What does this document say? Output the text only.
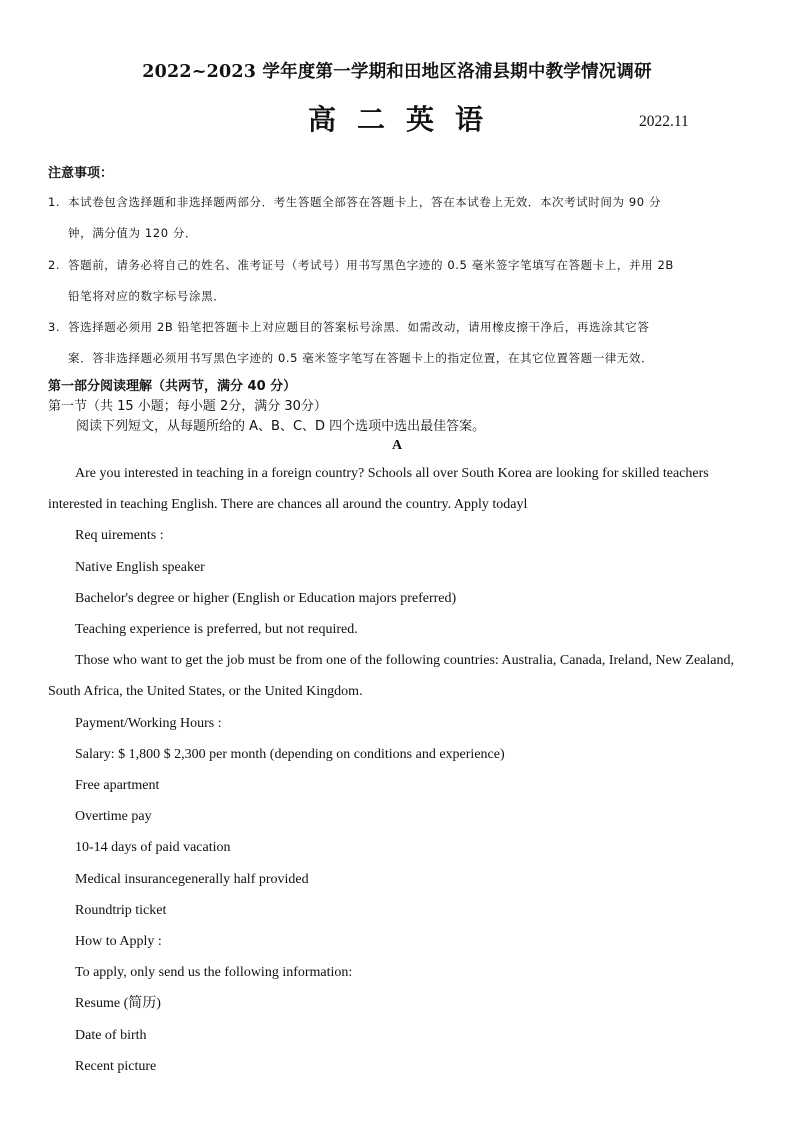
2022~2023 学年度第一学期和田地区洛浦县期中教学情况调研
高二英语	2022.11
注意事项：
1. 本试卷包含选择题和非选择题两部分．考生答题全部答在答题卡上，答在本试卷上无效．本次考试时间为 90 分
钟，满分值为 120 分．
2. 答题前，请务必将自己的姓名、准考证号（考试号）用书写黑色字迹的 0.5 毫米签字笔填写在答题卡上，并用 2B
铅笔将对应的数字标号涂黑．
3. 答选择题必须用 2B 铅笔把答题卡上对应题目的答案标号涂黑．如需改动，请用橡皮擦干净后，再选涂其它答
案．答非选择题必须用书写黑色字迹的 0.5 毫米签字笔写在答题卡上的指定位置，在其它位置答题一律无效．
第一部分阅读理解（共两节，满分 40 分）
第一节（共 15 小题；每小题 2分，满分 30分）
阅读下列短文，从每题所给的 A、B、C、D 四个选项中选出最佳答案。
A

Are you interested in teaching in a foreign country? Schools all over South Korea are looking for skilled teachers

interested in teaching English. There are chances all around the country. Apply todayl

Req uirements :

Native English speaker

Bachelor's degree or higher (English or Education majors preferred)

Teaching experience is preferred, but not required.

Those who want to get the job must be from one of the following countries: Australia, Canada, Ireland, New Zealand,

South Africa, the United States, or the United Kingdom.

Payment/Working Hours :

Salary: $ 1,800 $ 2,300 per month (depending on conditions and experience)

Free apartment

Overtime pay

10-14 days of paid vacation

Medical insurancegenerally half provided

Roundtrip ticket

How to Apply :

To apply, only send us the following information:

Resume (简历)

Date of birth

Recent picture
